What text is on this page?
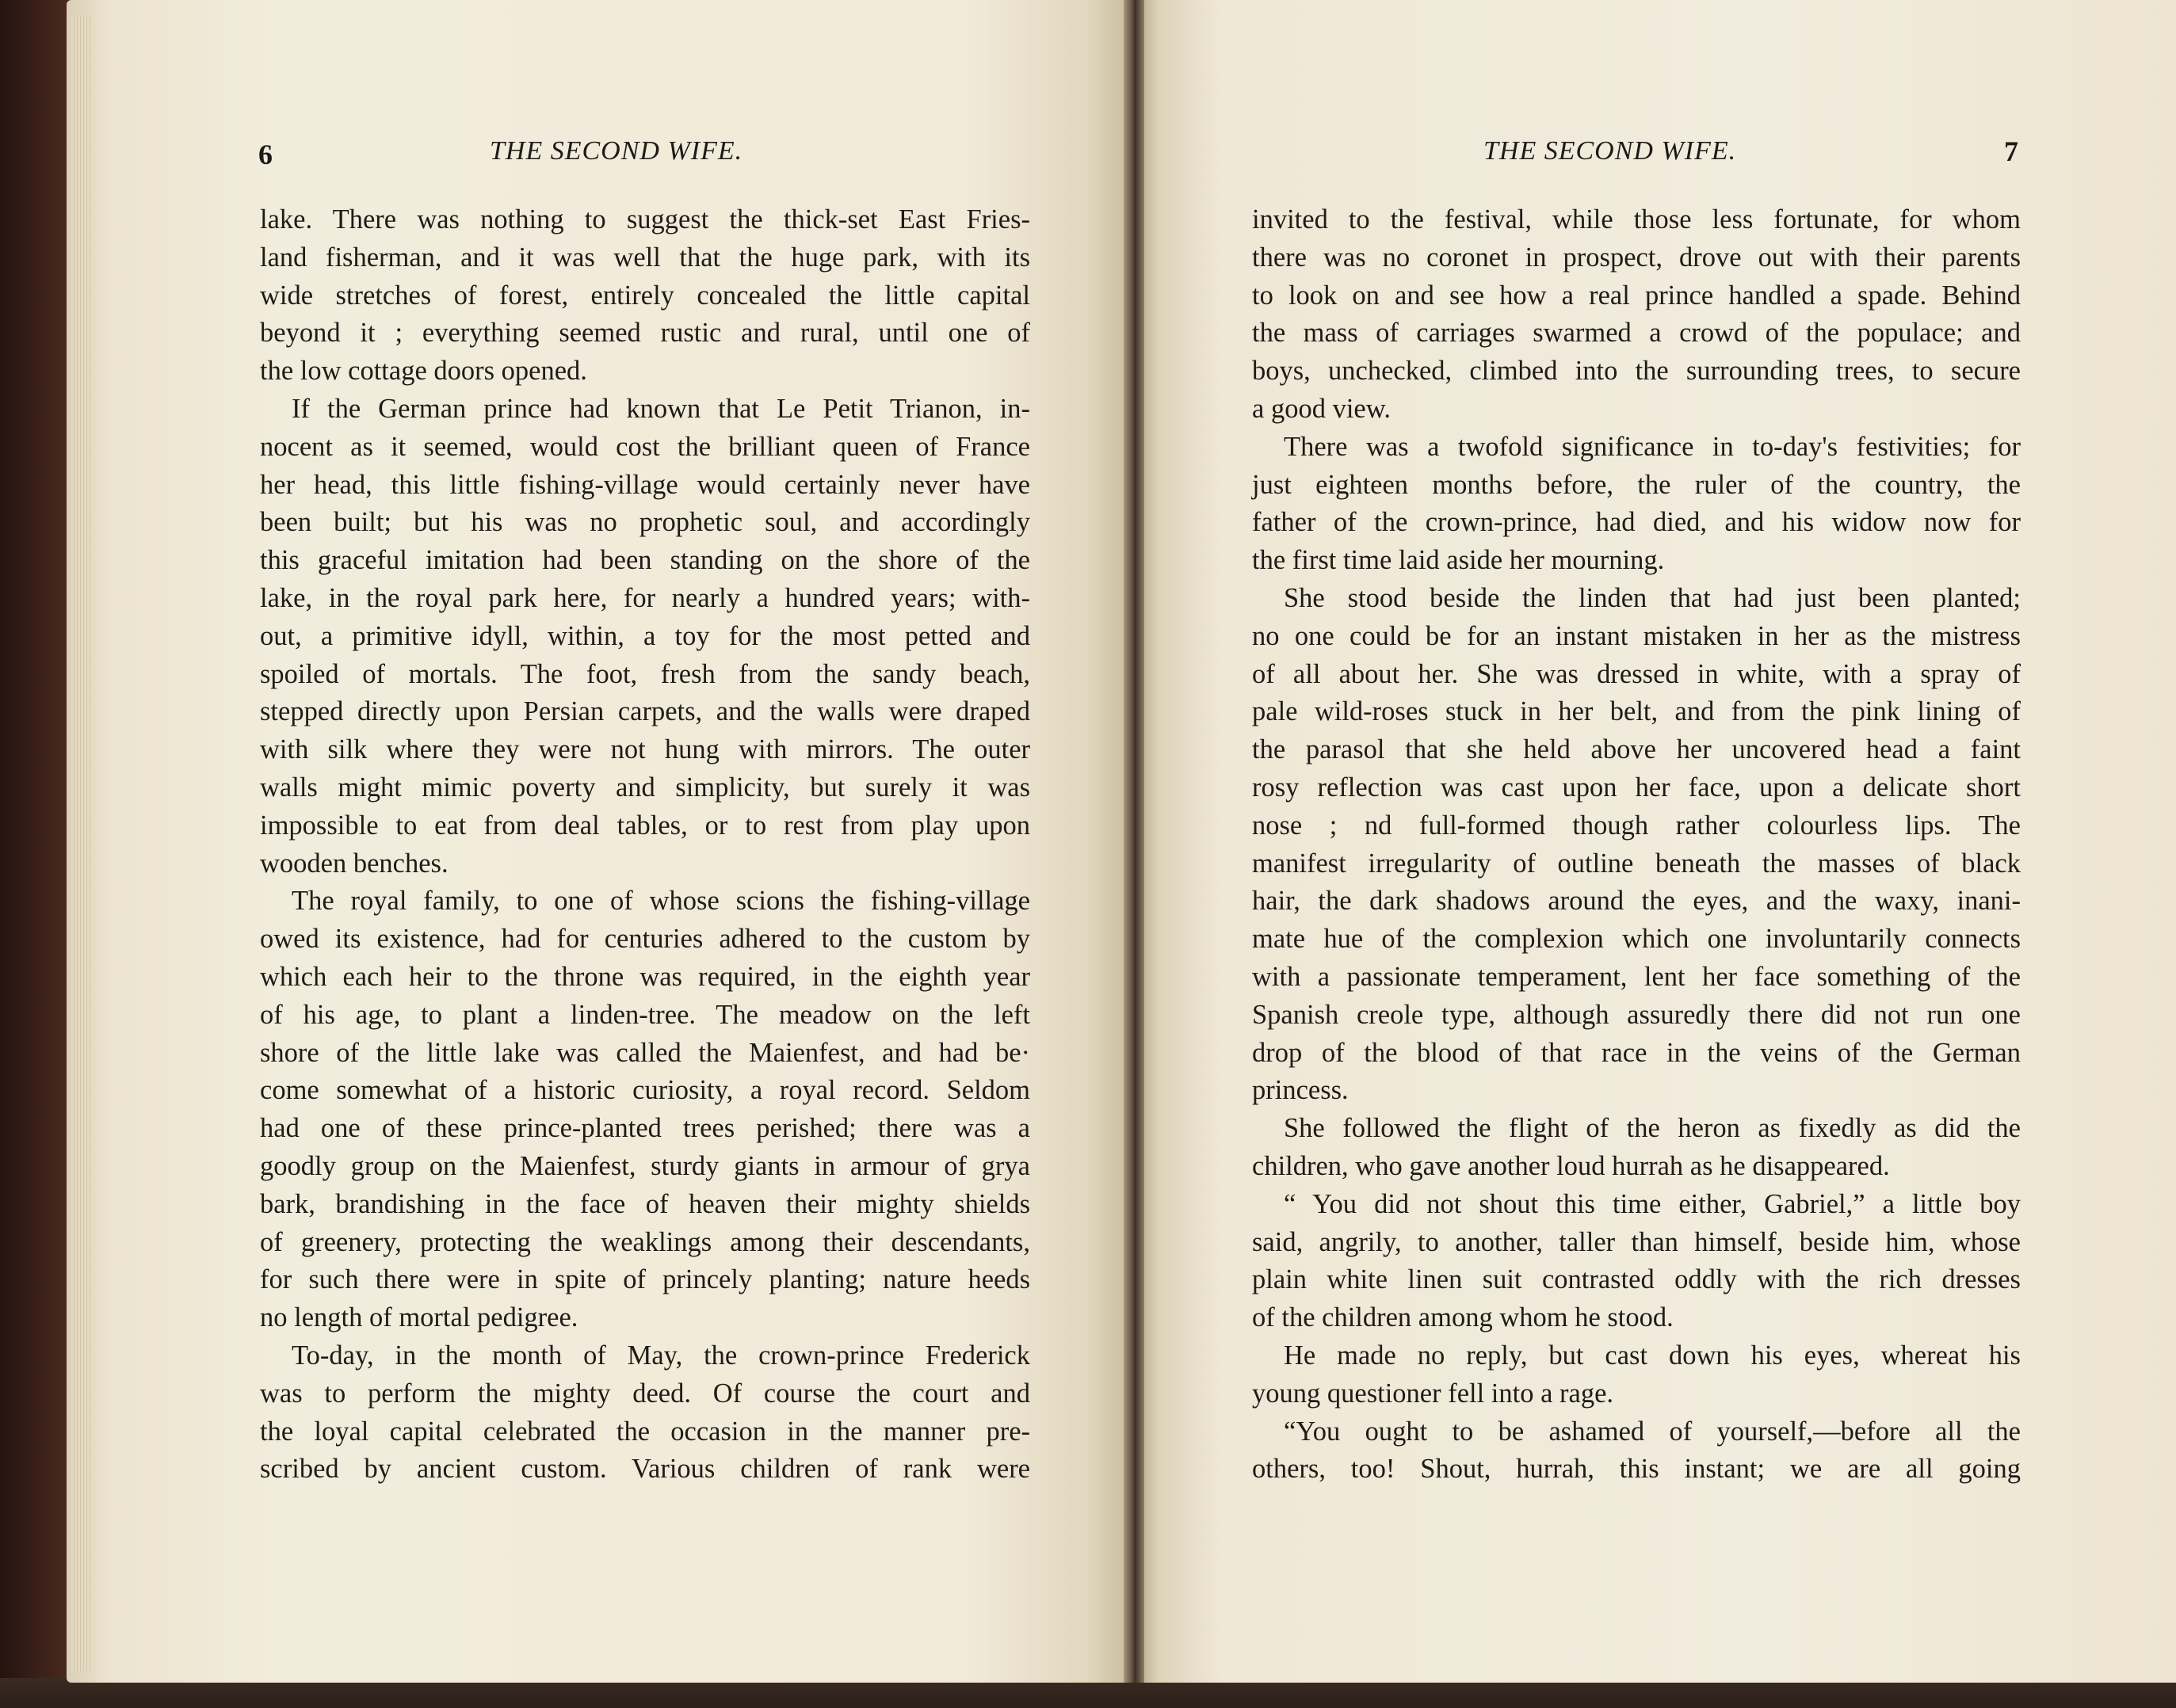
6	THE SECOND WIFE.	THE SECOND WIFE.	7
lake. There was nothing to suggest the thick-set East Fries-
land fisherman, and it was well that the huge park, with its
wide stretches of forest, entirely concealed the little capital
beyond it ; everything seemed rustic and rural, until one of
the low cottage doors opened.
If the German prince had known that Le Petit Trianon, in-
nocent as it seemed, would cost the brilliant queen of France
her head, this little fishing-village would certainly never have
been built; but his was no prophetic soul, and accordingly
this graceful imitation had been standing on the shore of the
lake, in the royal park here, for nearly a hundred years; with-
out, a primitive idyll, within, a toy for the most petted and
spoiled of mortals. The foot, fresh from the sandy beach,
stepped directly upon Persian carpets, and the walls were draped
with silk where they were not hung with mirrors. The outer
walls might mimic poverty and simplicity, but surely it was
impossible to eat from deal tables, or to rest from play upon
wooden benches.
The royal family, to one of whose scions the fishing-village
owed its existence, had for centuries adhered to the custom by
which each heir to the throne was required, in the eighth year
of his age, to plant a linden-tree. The meadow on the left
shore of the little lake was called the Maienfest, and had be·
come somewhat of a historic curiosity, a royal record. Seldom
had one of these prince-planted trees perished; there was a
goodly group on the Maienfest, sturdy giants in armour of grya
bark, brandishing in the face of heaven their mighty shields
of greenery, protecting the weaklings among their descendants,
for such there were in spite of princely planting; nature heeds
no length of mortal pedigree.
To-day, in the month of May, the crown-prince Frederick
was to perform the mighty deed. Of course the court and
the loyal capital celebrated the occasion in the manner pre-
scribed by ancient custom. Various children of rank were
invited to the festival, while those less fortunate, for whom
there was no coronet in prospect, drove out with their parents
to look on and see how a real prince handled a spade. Behind
the mass of carriages swarmed a crowd of the populace; and
boys, unchecked, climbed into the surrounding trees, to secure
a good view.
There was a twofold significance in to-day's festivities; for
just eighteen months before, the ruler of the country, the
father of the crown-prince, had died, and his widow now for
the first time laid aside her mourning.
She stood beside the linden that had just been planted;
no one could be for an instant mistaken in her as the mistress
of all about her. She was dressed in white, with a spray of
pale wild-roses stuck in her belt, and from the pink lining of
the parasol that she held above her uncovered head a faint
rosy reflection was cast upon her face, upon a delicate short
nose ; nd full-formed though rather colourless lips. The
manifest irregularity of outline beneath the masses of black
hair, the dark shadows around the eyes, and the waxy, inani-
mate hue of the complexion which one involuntarily connects
with a passionate temperament, lent her face something of the
Spanish creole type, although assuredly there did not run one
drop of the blood of that race in the veins of the German
princess.
She followed the flight of the heron as fixedly as did the
children, who gave another loud hurrah as he disappeared.
“ You did not shout this time either, Gabriel,” a little boy
said, angrily, to another, taller than himself, beside him, whose
plain white linen suit contrasted oddly with the rich dresses
of the children among whom he stood.
He made no reply, but cast down his eyes, whereat his
young questioner fell into a rage.
“You ought to be ashamed of yourself,—before all the
others, too! Shout, hurrah, this instant; we are all going
